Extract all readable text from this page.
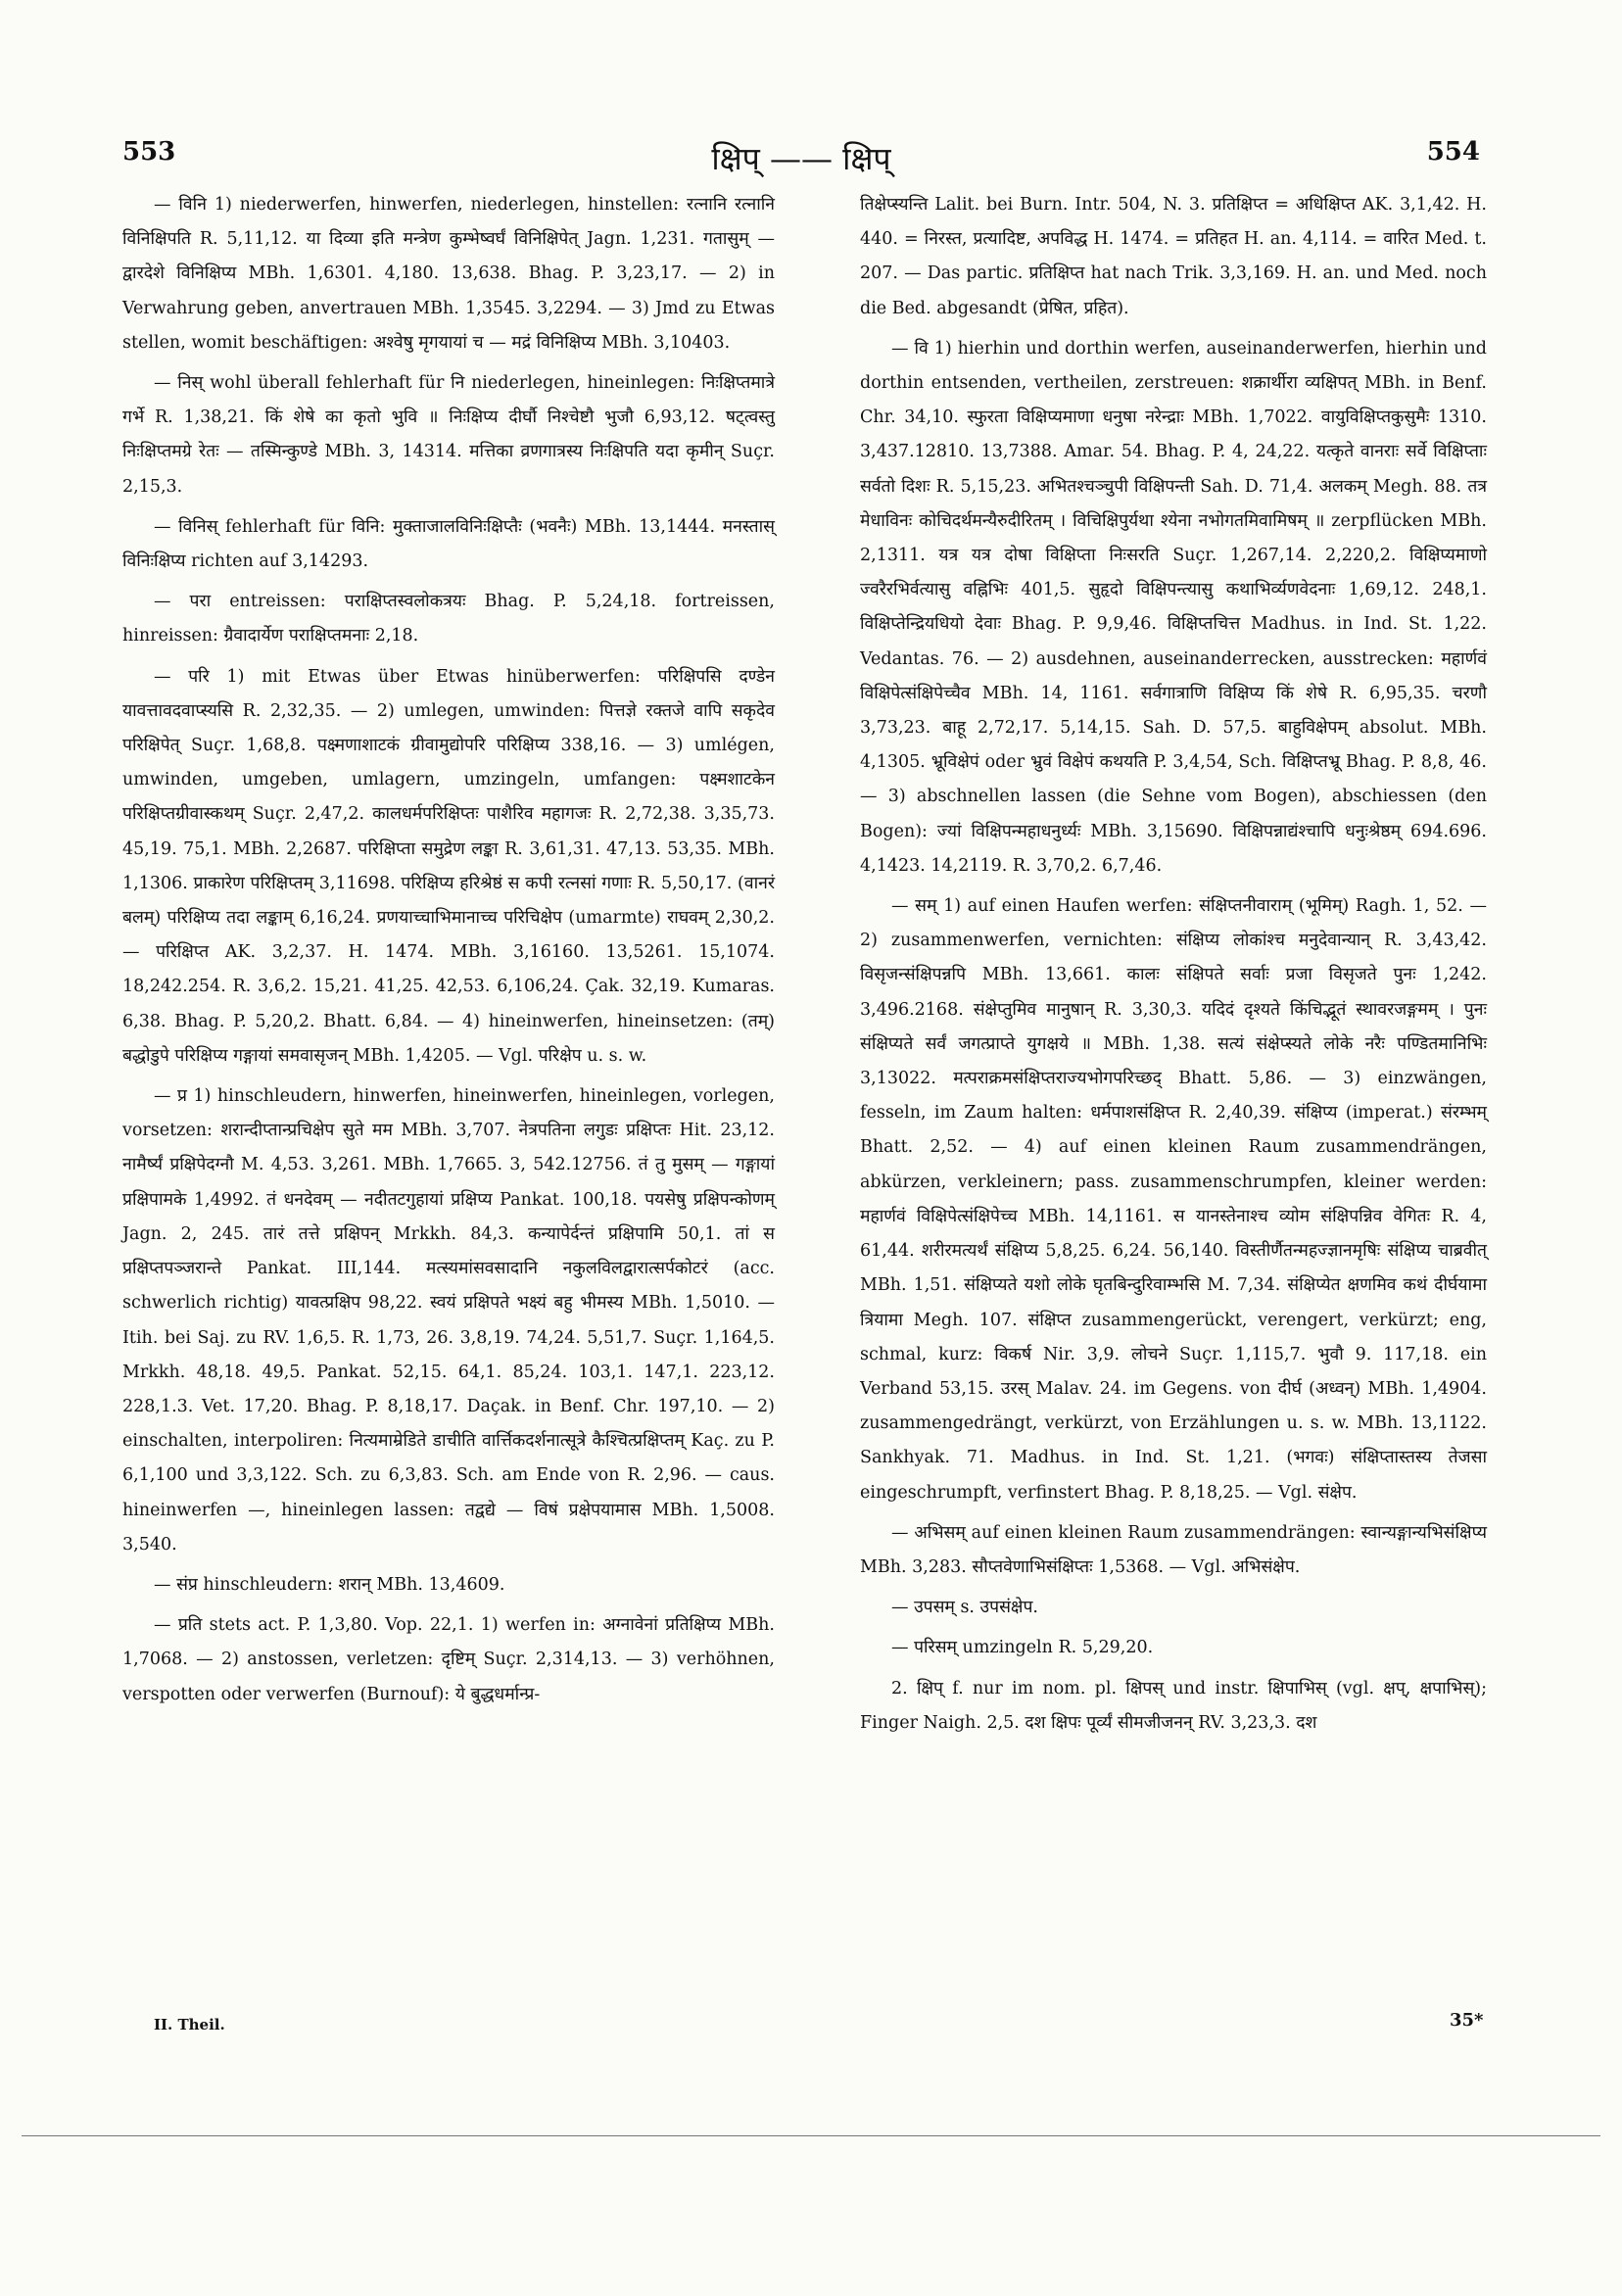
553	क्षिप् —— क्षिप्	554

— विनि 1) niederwerfen, hinwerfen, niederlegen, hinstellen: रत्नानि रत्नानि विनिक्षिपति R. 5,11,12. या दिव्या इति मन्त्रेण कुम्भेष्वर्घं विनिक्षिपेत् Jagn. 1,231. गतासुम् — द्वारदेशे विनिक्षिप्य MBh. 1,6301. 4,180. 13,638. Bhag. P. 3,23,17. — 2) in Verwahrung geben, anvertrauen MBh. 1,3545. 3,2294. — 3) Jmd zu Etwas stellen, womit beschäftigen: अश्वेषु मृगयायां च — मद्रं विनिक्षिप्य MBh. 3,10403.

— निस् wohl überall fehlerhaft für नि niederlegen, hineinlegen: निःक्षिप्तमात्रे गर्भे R. 1,38,21. किं शेषे का कृतो भुवि ॥ निःक्षिप्य दीर्घौ निश्चेष्टौ भुजौ 6,93,12. षट्त्वस्तु निःक्षिप्तमग्रे रेतः — तस्मिन्कुण्डे MBh. 3, 14314. मत्तिका व्रणगात्रस्य निःक्षिपति यदा कृमीन् Suçr. 2,15,3.

— विनिस् fehlerhaft für विनि: मुक्ताजालविनिःक्षिप्तैः (भवनैः) MBh. 13,1444. मनस्तास् विनिःक्षिप्य richten auf 3,14293.

— परा entreissen: पराक्षिप्तस्वलोकत्रयः Bhag. P. 5,24,18. fortreissen, hinreissen: ग्रैवादार्येण पराक्षिप्तमनाः 2,18.

— परि 1) mit Etwas über Etwas hinüberwerfen: परिक्षिपसि दण्डेन यावत्तावदवाप्स्यसि R. 2,32,35. — 2) umlegen, umwinden: पित्तज्ञे रक्तजे वापि सकृदेव परिक्षिपेत् Suçr. 1,68,8. पक्ष्मणाशाटकं ग्रीवामुद्योपरि परिक्षिप्य 338,16. — 3) umlégen, umwinden, umgeben, umlagern, umzingeln, umfangen: पक्ष्मशाटकेन परिक्षिप्तग्रीवास्कथम् Suçr. 2,47,2. कालधर्मपरिक्षिप्तः पाशैरिव महागजः R. 2,72,38. 3,35,73. 45,19. 75,1. MBh. 2,2687. परिक्षिप्ता समुद्रेण लङ्का R. 3,61,31. 47,13. 53,35. MBh. 1,1306. प्राकारेण परिक्षिप्तम् 3,11698. परिक्षिप्य हरिश्रेष्ठं स कपी रत्नसां गणाः R. 5,50,17. (वानरं बलम्) परिक्षिप्य तदा लङ्काम् 6,16,24. प्रणयाच्चाभिमानाच्च परिचिक्षेप (umarmte) राघवम् 2,30,2. — परिक्षिप्त AK. 3,2,37. H. 1474. MBh. 3,16160. 13,5261. 15,1074. 18,242.254. R. 3,6,2. 15,21. 41,25. 42,53. 6,106,24. Çak. 32,19. Kumaras. 6,38. Bhag. P. 5,20,2. Bhatt. 6,84. — 4) hineinwerfen, hineinsetzen: (तम्) बद्धोडुपे परिक्षिप्य गङ्गायां समवासृजन् MBh. 1,4205. — Vgl. परिक्षेप u. s. w.

— प्र 1) hinschleudern, hinwerfen, hineinwerfen, hineinlegen, vorlegen, vorsetzen: शरान्दीप्तान्प्रचिक्षेप सुते मम MBh. 3,707. नेत्रपतिना लगुडः प्रक्षिप्तः Hit. 23,12. नामैर्ष्यं प्रक्षिपेदग्नौ M. 4,53. 3,261. MBh. 1,7665. 3, 542.12756. तं तु मुसम् — गङ्गायां प्रक्षिपामके 1,4992. तं धनदेवम् — नदीतटगुहायां प्रक्षिप्य Pankat. 100,18. पयसेषु प्रक्षिपन्कोणम् Jagn. 2, 245. तारं तत्ते प्रक्षिपन् Mrkkh. 84,3. कन्यापेर्दन्तं प्रक्षिपामि 50,1. तां स प्रक्षिप्तपञ्जरान्ते Pankat. III,144. मत्स्यमांसवसादानि नकुलविलद्वारात्सर्पकोटरं (acc. schwerlich richtig) यावत्प्रक्षिप 98,22. स्वयं प्रक्षिपते भक्ष्यं बहु भीमस्य MBh. 1,5010. — Itih. bei Saj. zu RV. 1,6,5. R. 1,73, 26. 3,8,19. 74,24. 5,51,7. Suçr. 1,164,5. Mrkkh. 48,18. 49,5. Pankat. 52,15. 64,1. 85,24. 103,1. 147,1. 223,12. 228,1.3. Vet. 17,20. Bhag. P. 8,18,17. Daçak. in Benf. Chr. 197,10. — 2) einschalten, interpoliren: नित्यमाम्रेडिते डाचीति वार्त्तिकदर्शनात्सूत्रे कैश्चित्प्रक्षिप्तम् Kaç. zu P. 6,1,100 und 3,3,122. Sch. zu 6,3,83. Sch. am Ende von R. 2,96. — caus. hineinwerfen —, hineinlegen lassen: तद्वद्ये — विषं प्रक्षेपयामास MBh. 1,5008. 3,540.

— संप्र hinschleudern: शरान् MBh. 13,4609.

— प्रति stets act. P. 1,3,80. Vop. 22,1. 1) werfen in: अग्नावेनां प्रतिक्षिप्य MBh. 1,7068. — 2) anstossen, verletzen: दृष्टिम् Suçr. 2,314,13. — 3) verhöhnen, verspotten oder verwerfen (Burnouf): ये बुद्धधर्मान्प्र-

तिक्षेप्स्यन्ति Lalit. bei Burn. Intr. 504, N. 3. प्रतिक्षिप्त = अधिक्षिप्त AK. 3,1,42. H. 440. = निरस्त, प्रत्यादिष्ट, अपविद्ध H. 1474. = प्रतिहत H. an. 4,114. = वारित Med. t. 207. — Das partic. प्रतिक्षिप्त hat nach Trik. 3,3,169. H. an. und Med. noch die Bed. abgesandt (प्रेषित, प्रहित).

— वि 1) hierhin und dorthin werfen, auseinanderwerfen, hierhin und dorthin entsenden, vertheilen, zerstreuen: शक्रार्थीरा व्यक्षिपत् MBh. in Benf. Chr. 34,10. स्फुरता विक्षिप्यमाणा धनुषा नरेन्द्राः MBh. 1,7022. वायुविक्षिप्तकुसुमैः 1310. 3,437.12810. 13,7388. Amar. 54. Bhag. P. 4, 24,22. यत्कृते वानराः सर्वे विक्षिप्ताः सर्वतो दिशः R. 5,15,23. अभितश्चञ्चुपी विक्षिपन्ती Sah. D. 71,4. अलकम् Megh. 88. तत्र मेधाविनः कोचिदर्थमन्यैरुदीरितम् । विचिक्षिपुर्यथा श्येना नभोगतमिवामिषम् ॥ zerpflücken MBh. 2,1311. यत्र यत्र दोषा विक्षिप्ता निःसरति Suçr. 1,267,14. 2,220,2. विक्षिप्यमाणो ज्वरैरभिर्वत्यासु वह्निभिः 401,5. सुहृदो विक्षिपन्त्यासु कथाभिर्व्यणवेदनाः 1,69,12. 248,1. विक्षिप्तेन्द्रियधियो देवाः Bhag. P. 9,9,46. विक्षिप्तचित्त Madhus. in Ind. St. 1,22. Vedantas. 76. — 2) ausdehnen, auseinanderrecken, ausstrecken: महार्णवं विक्षिपेत्संक्षिपेच्चैव MBh. 14, 1161. सर्वगात्राणि विक्षिप्य किं शेषे R. 6,95,35. चरणौ 3,73,23. बाहू 2,72,17. 5,14,15. Sah. D. 57,5. बाहुविक्षेपम् absolut. MBh. 4,1305. भ्रूविक्षेपं oder भ्रुवं विक्षेपं कथयति P. 3,4,54, Sch. विक्षिप्तभ्रू Bhag. P. 8,8, 46. — 3) abschnellen lassen (die Sehne vom Bogen), abschiessen (den Bogen): ज्यां विक्षिपन्महाधनुर्ध्यः MBh. 3,15690. विक्षिपन्नाद्यंश्चापि धनुःश्रेष्ठम् 694.696. 4,1423. 14,2119. R. 3,70,2. 6,7,46.

— सम् 1) auf einen Haufen werfen: संक्षिप्तनीवाराम् (भूमिम्) Ragh. 1, 52. — 2) zusammenwerfen, vernichten: संक्षिप्य लोकांश्च मनुदेवान्यान् R. 3,43,42. विसृजन्संक्षिपन्नपि MBh. 13,661. कालः संक्षिपते सर्वाः प्रजा विसृजते पुनः 1,242. 3,496.2168. संक्षेप्तुमिव मानुषान् R. 3,30,3. यदिदं दृश्यते किंचिद्भूतं स्थावरजङ्गमम् । पुनः संक्षिप्यते सर्वं जगत्प्राप्ते युगक्षये ॥ MBh. 1,38. सत्यं संक्षेप्स्यते लोके नरैः पण्डितमानिभिः 3,13022. मत्पराक्रमसंक्षिप्तराज्यभोगपरिच्छद् Bhatt. 5,86. — 3) einzwängen, fesseln, im Zaum halten: धर्मपाशसंक्षिप्त R. 2,40,39. संक्षिप्य (imperat.) संरम्भम् Bhatt. 2,52. — 4) auf einen kleinen Raum zusammendrängen, abkürzen, verkleinern; pass. zusammenschrumpfen, kleiner werden: महार्णवं विक्षिपेत्संक्षिपेच्च MBh. 14,1161. स यानस्तेनाश्च व्योम संक्षिपन्निव वेगितः R. 4, 61,44. शरीरमत्यर्थं संक्षिप्य 5,8,25. 6,24. 56,140. विस्तीर्णैतन्महज्ज्ञानमृषिः संक्षिप्य चाब्रवीत् MBh. 1,51. संक्षिप्यते यशो लोके घृतबिन्दुरिवाम्भसि M. 7,34. संक्षिप्येत क्षणमिव कथं दीर्घयामा त्रियामा Megh. 107. संक्षिप्त zusammengerückt, verengert, verkürzt; eng, schmal, kurz: विकर्ष Nir. 3,9. लोचने Suçr. 1,115,7. भुवौ 9. 117,18. ein Verband 53,15. उरस् Malav. 24. im Gegens. von दीर्घ (अध्वन्) MBh. 1,4904. zusammengedrängt, verkürzt, von Erzählungen u. s. w. MBh. 13,1122. Sankhyak. 71. Madhus. in Ind. St. 1,21. (भगवः) संक्षिप्तास्तस्य तेजसा eingeschrumpft, verfinstert Bhag. P. 8,18,25. — Vgl. संक्षेप.

— अभिसम् auf einen kleinen Raum zusammendrängen: स्वान्यङ्गान्यभिसंक्षिप्य MBh. 3,283. सौप्तवेणाभिसंक्षिप्तः 1,5368. — Vgl. अभिसंक्षेप.

— उपसम् s. उपसंक्षेप.

— परिसम् umzingeln R. 5,29,20.

2. क्षिप् f. nur im nom. pl. क्षिपस् und instr. क्षिपाभिस् (vgl. क्षप्, क्षपाभिस्); Finger Naigh. 2,5. दश क्षिपः पूर्व्यं सीमजीजनन् RV. 3,23,3. दश

II. Theil.	35*
